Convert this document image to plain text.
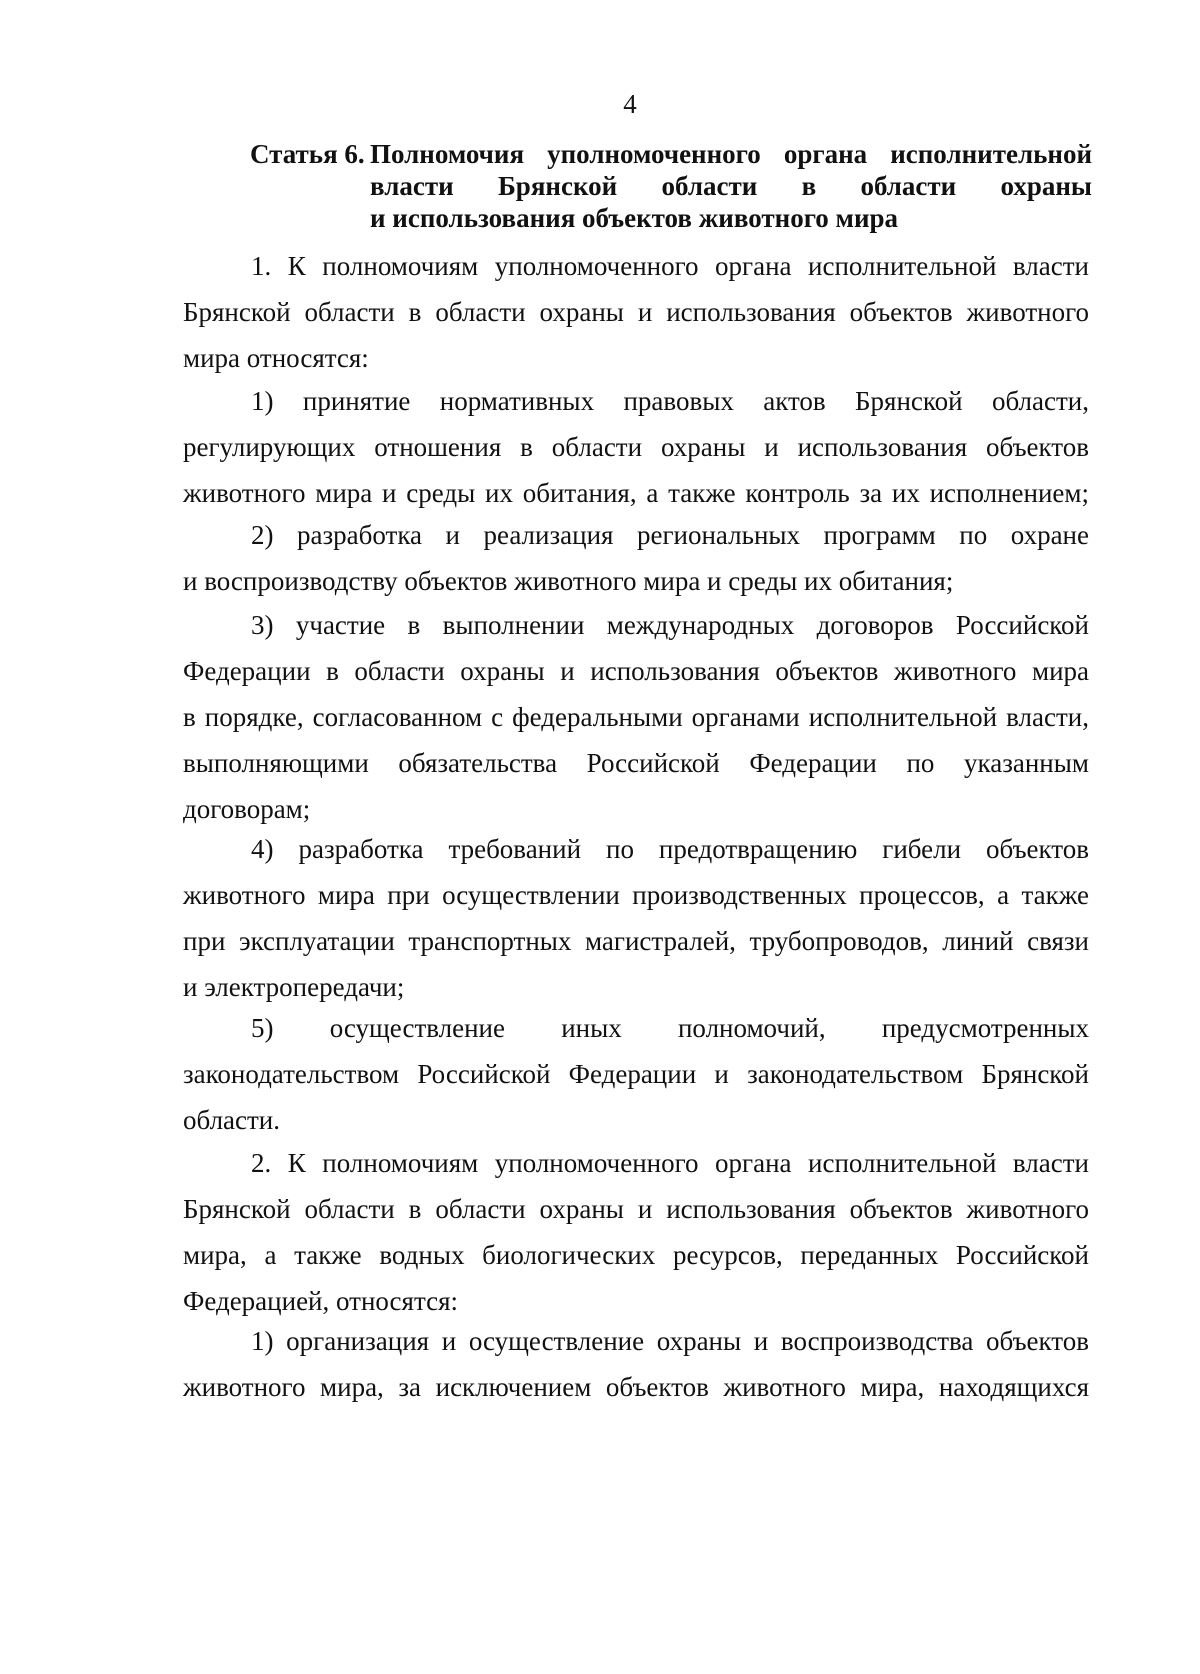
4
Статья 6. Полномочия уполномоченного органа исполнительной
власти Брянской области в области охраны
и использования объектов животного мира
1. К полномочиям уполномоченного органа исполнительной власти
Брянской области в области охраны и использования объектов животного
мира относятся:
1) принятие нормативных правовых актов Брянской области,
регулирующих отношения в области охраны и использования объектов
животного мира и среды их обитания, а также контроль за их исполнением;
2) разработка и реализация региональных программ по охране
и воспроизводству объектов животного мира и среды их обитания;
3) участие в выполнении международных договоров Российской
Федерации в области охраны и использования объектов животного мира
в порядке, согласованном с федеральными органами исполнительной власти,
выполняющими обязательства Российской Федерации по указанным
договорам;
4) разработка требований по предотвращению гибели объектов
животного мира при осуществлении производственных процессов, а также
при эксплуатации транспортных магистралей, трубопроводов, линий связи
и электропередачи;
5) осуществление иных полномочий, предусмотренных
законодательством Российской Федерации и законодательством Брянской
области.
2. К полномочиям уполномоченного органа исполнительной власти
Брянской области в области охраны и использования объектов животного
мира, а также водных биологических ресурсов, переданных Российской
Федерацией, относятся:
1) организация и осуществление охраны и воспроизводства объектов
животного мира, за исключением объектов животного мира, находящихся
